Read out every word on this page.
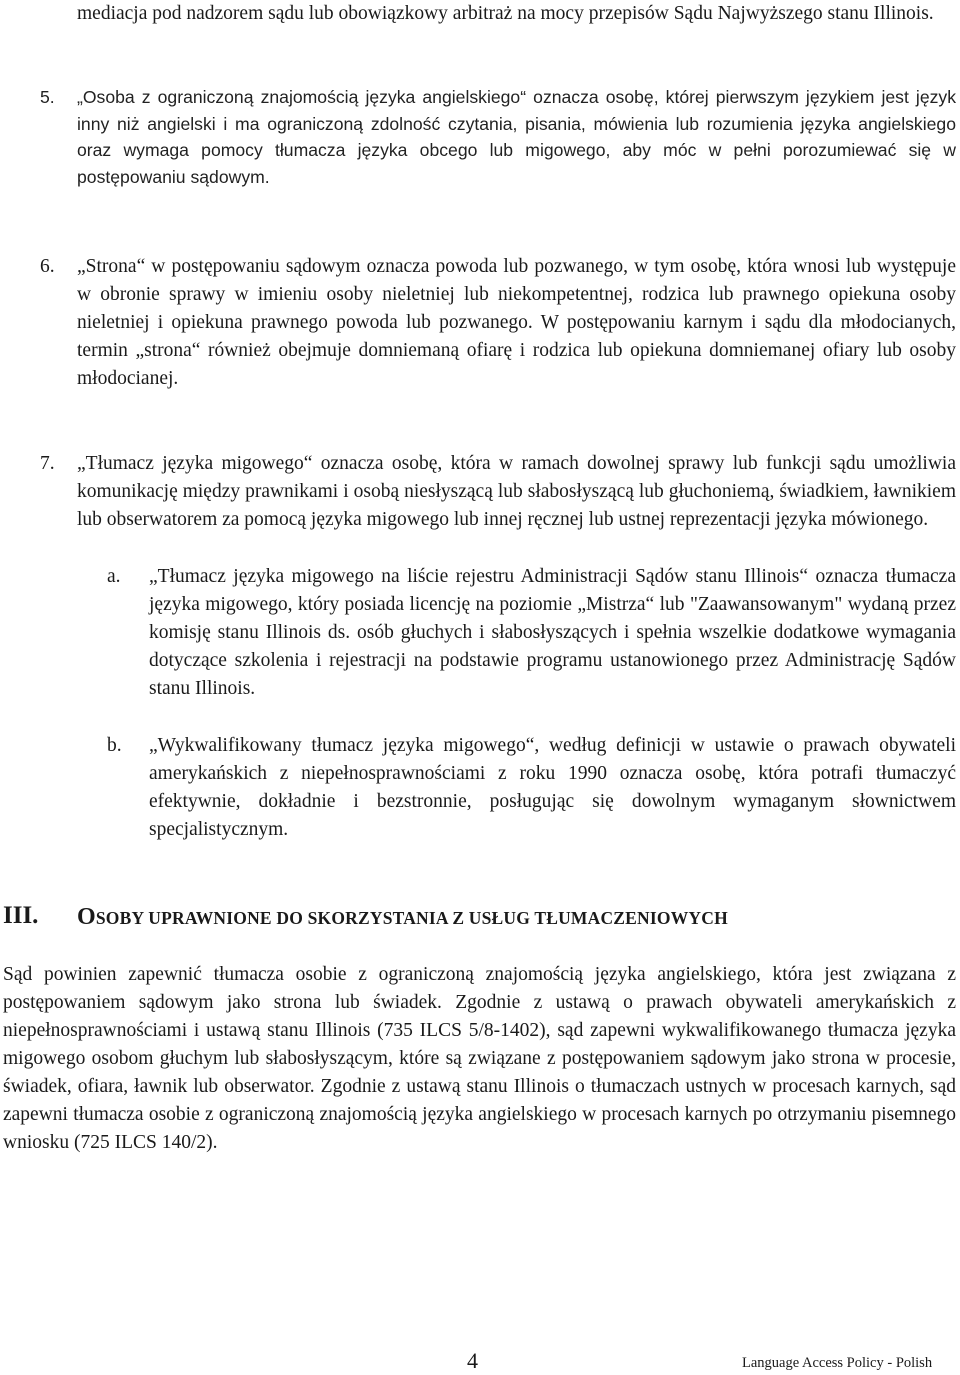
mediacja pod nadzorem sądu lub obowiązkowy arbitraż na mocy przepisów Sądu Najwyższego stanu Illinois.

5. „Osoba z ograniczoną znajomością języka angielskiego“ oznacza osobę, której pierwszym językiem jest język inny niż angielski i ma ograniczoną zdolność czytania, pisania, mówienia lub rozumienia języka angielskiego oraz wymaga pomocy tłumacza języka obcego lub migowego, aby móc w pełni porozumiewać się w postępowaniu sądowym.

6. „Strona“ w postępowaniu sądowym oznacza powoda lub pozwanego, w tym osobę, która wnosi lub występuje w obronie sprawy w imieniu osoby nieletniej lub niekompetentnej, rodzica lub prawnego opiekuna osoby nieletniej i opiekuna prawnego powoda lub pozwanego. W postępowaniu karnym i sądu dla młodocianych, termin „strona“ również obejmuje domniemaną ofiarę i rodzica lub opiekuna domniemanej ofiary lub osoby młodocianej.

7. „Tłumacz języka migowego“ oznacza osobę, która w ramach dowolnej sprawy lub funkcji sądu umożliwia komunikację między prawnikami i osobą niesłyszącą lub słabosłyszącą lub głuchoniemą, świadkiem, ławnikiem lub obserwatorem za pomocą języka migowego lub innej ręcznej lub ustnej reprezentacji języka mówionego.

a. „Tłumacz języka migowego na liście rejestru Administracji Sądów stanu Illinois“ oznacza tłumacza języka migowego, który posiada licencję na poziomie „Mistrza“ lub "Zaawansowanym" wydaną przez komisję stanu Illinois ds. osób głuchych i słabosłyszących i spełnia wszelkie dodatkowe wymagania dotyczące szkolenia i rejestracji na podstawie programu ustanowionego przez Administrację Sądów stanu Illinois.

b. „Wykwalifikowany tłumacz języka migowego“, według definicji w ustawie o prawach obywateli amerykańskich z niepełnosprawnościami z roku 1990 oznacza osobę, która potrafi tłumaczyć efektywnie, dokładnie i bezstronnie, posługując się dowolnym wymaganym słownictwem specjalistycznym.

III. OSOBY UPRAWNIONE DO SKORZYSTANIA Z USŁUG TŁUMACZENIOWYCH

Sąd powinien zapewnić tłumacza osobie z ograniczoną znajomością języka angielskiego, która jest związana z postępowaniem sądowym jako strona lub świadek. Zgodnie z ustawą o prawach obywateli amerykańskich z niepełnosprawnościami i ustawą stanu Illinois (735 ILCS 5/8-1402), sąd zapewni wykwalifikowanego tłumacza języka migowego osobom głuchym lub słabosłyszącym, które są związane z postępowaniem sądowym jako strona w procesie, świadek, ofiara, ławnik lub obserwator. Zgodnie z ustawą stanu Illinois o tłumaczach ustnych w procesach karnych, sąd zapewni tłumacza osobie z ograniczoną znajomością języka angielskiego w procesach karnych po otrzymaniu pisemnego wniosku (725 ILCS 140/2).

4	Language Access Policy - Polish
